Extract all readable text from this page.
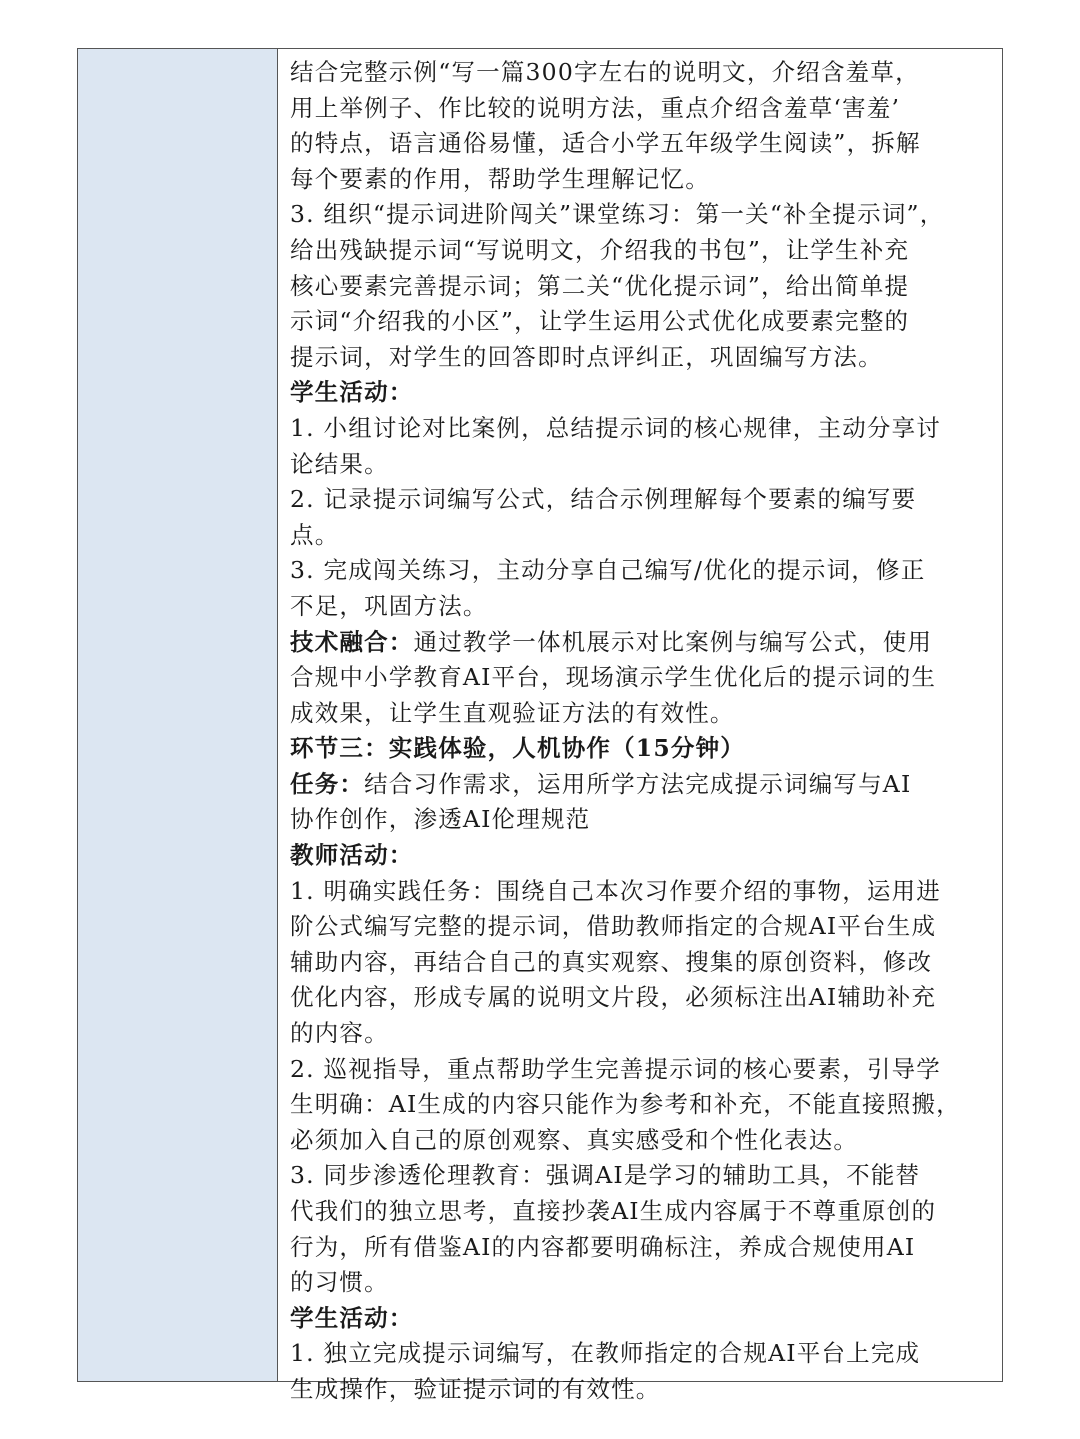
结合完整示例“写一篇300字左右的说明文，介绍含羞草，
用上举例子、作比较的说明方法，重点介绍含羞草‘害羞’
的特点，语言通俗易懂，适合小学五年级学生阅读”，拆解
每个要素的作用，帮助学生理解记忆。
3. 组织“提示词进阶闯关”课堂练习：第一关“补全提示词”，
给出残缺提示词“写说明文，介绍我的书包”，让学生补充
核心要素完善提示词；第二关“优化提示词”，给出简单提
示词“介绍我的小区”，让学生运用公式优化成要素完整的
提示词，对学生的回答即时点评纠正，巩固编写方法。
学生活动：
1. 小组讨论对比案例，总结提示词的核心规律，主动分享讨
论结果。
2. 记录提示词编写公式，结合示例理解每个要素的编写要
点。
3. 完成闯关练习，主动分享自己编写/优化的提示词，修正
不足，巩固方法。
技术融合：通过教学一体机展示对比案例与编写公式，使用
合规中小学教育AI平台，现场演示学生优化后的提示词的生
成效果，让学生直观验证方法的有效性。
环节三：实践体验，人机协作（15分钟）
任务：结合习作需求，运用所学方法完成提示词编写与AI
协作创作，渗透AI伦理规范
教师活动：
1. 明确实践任务：围绕自己本次习作要介绍的事物，运用进
阶公式编写完整的提示词，借助教师指定的合规AI平台生成
辅助内容，再结合自己的真实观察、搜集的原创资料，修改
优化内容，形成专属的说明文片段，必须标注出AI辅助补充
的内容。
2. 巡视指导，重点帮助学生完善提示词的核心要素，引导学
生明确：AI生成的内容只能作为参考和补充，不能直接照搬，
必须加入自己的原创观察、真实感受和个性化表达。
3. 同步渗透伦理教育：强调AI是学习的辅助工具，不能替
代我们的独立思考，直接抄袭AI生成内容属于不尊重原创的
行为，所有借鉴AI的内容都要明确标注，养成合规使用AI
的习惯。
学生活动：
1. 独立完成提示词编写，在教师指定的合规AI平台上完成
生成操作，验证提示词的有效性。
